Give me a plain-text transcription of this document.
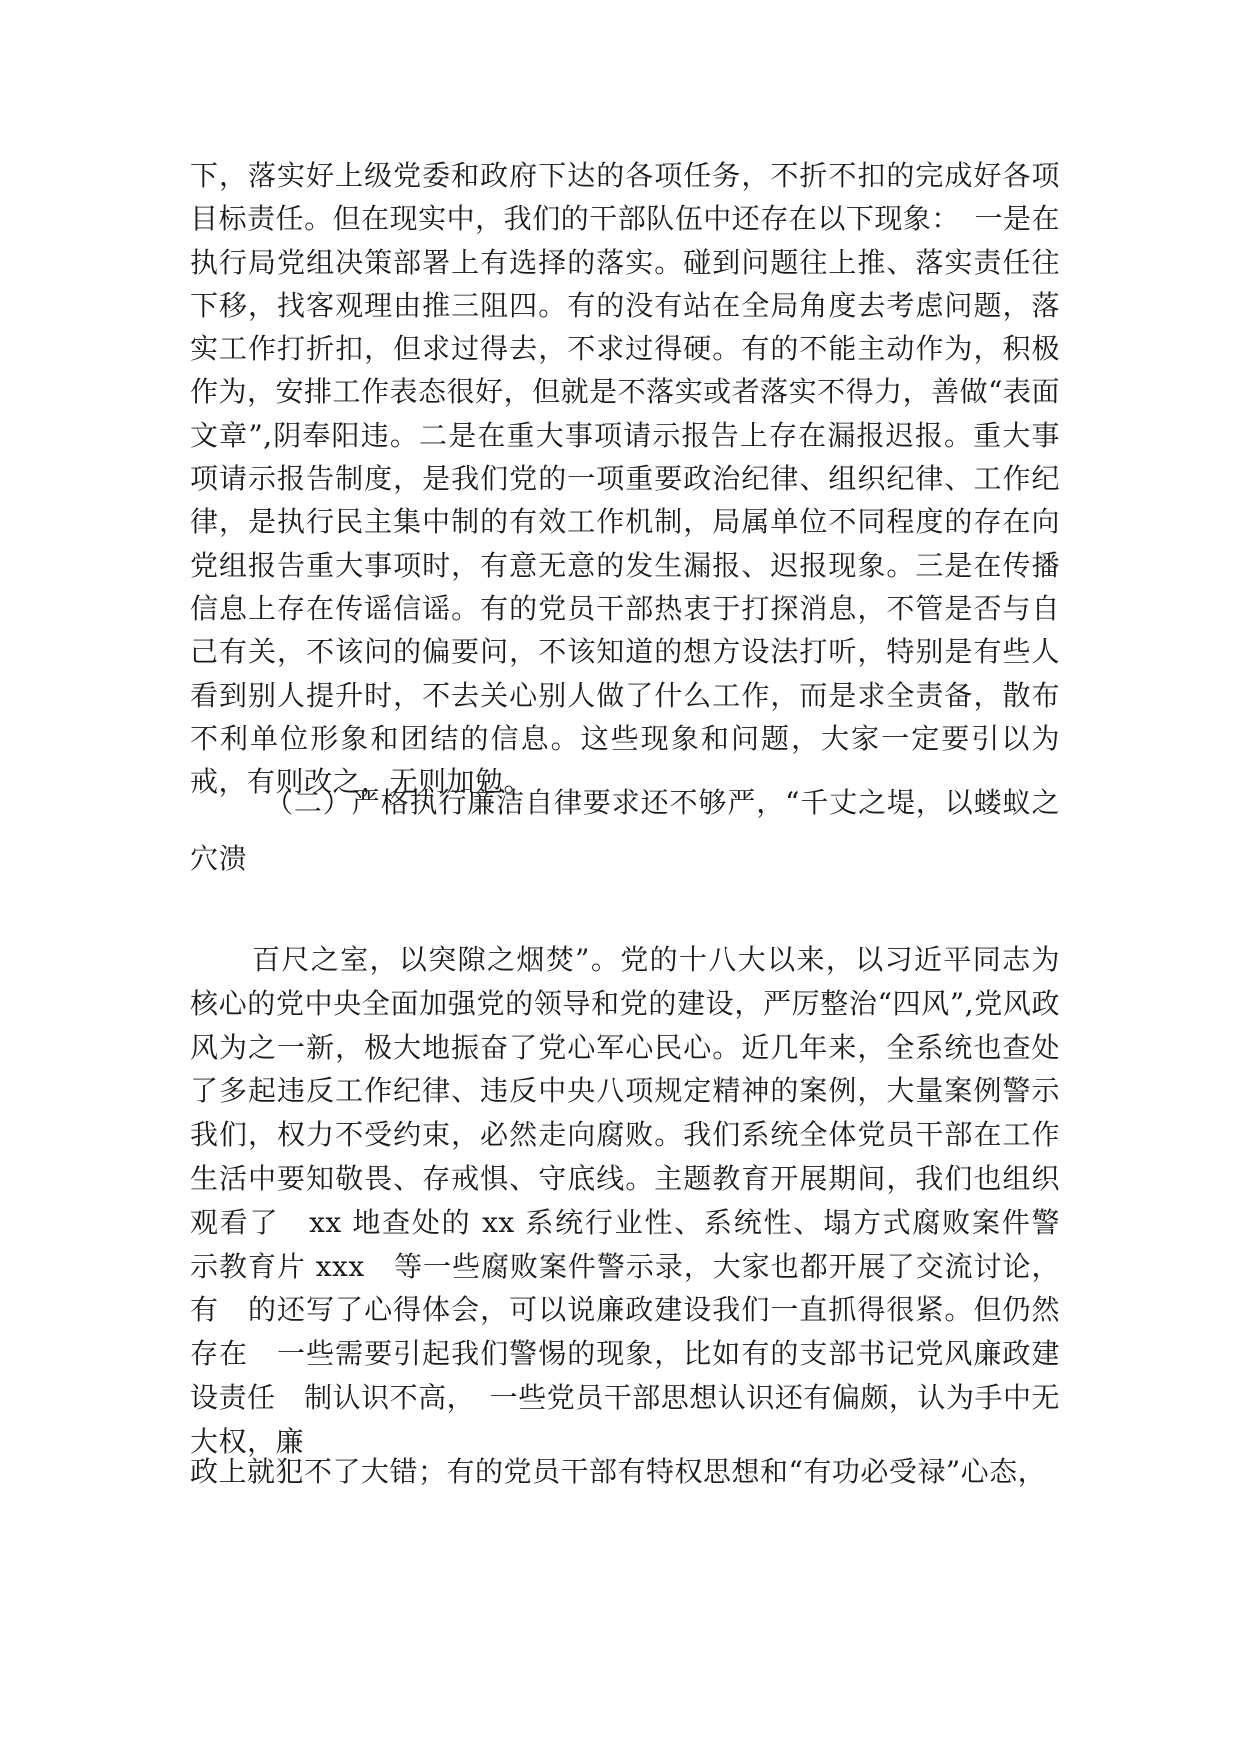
下，落实好上级党委和政府下达的各项任务，不折不扣的完成好各项目标责任。但在现实中，我们的干部队伍中还存在以下现象：　一是在执行局党组决策部署上有选择的落实。碰到问题往上推、落实责任往下移，找客观理由推三阻四。有的没有站在全局角度去考虑问题，落实工作打折扣，但求过得去，不求过得硬。有的不能主动作为，积极作为，安排工作表态很好，但就是不落实或者落实不得力，善做“表面文章”,阴奉阳违。二是在重大事项请示报告上存在漏报迟报。重大事项请示报告制度，是我们党的一项重要政治纪律、组织纪律、工作纪律，是执行民主集中制的有效工作机制，局属单位不同程度的存在向党组报告重大事项时，有意无意的发生漏报、迟报现象。三是在传播信息上存在传谣信谣。有的党员干部热衷于打探消息，不管是否与自己有关，不该问的偏要问，不该知道的想方设法打听，特别是有些人看到别人提升时，不去关心别人做了什么工作，而是求全责备，散布不利单位形象和团结的信息。这些现象和问题，大家一定要引以为戒，有则改之，无则加勉。
（二）严格执行廉洁自律要求还不够严，“千丈之堤，以蝼蚁之穴溃
百尺之室，以突隙之烟焚”。党的十八大以来，以习近平同志为核心的党中央全面加强党的领导和党的建设，严厉整治“四风”,党风政风为之一新，极大地振奋了党心军心民心。近几年来，全系统也查处了多起违反工作纪律、违反中央八项规定精神的案例，大量案例警示我们，权力不受约束，必然走向腐败。我们系统全体党员干部在工作生活中要知敬畏、存戒惧、守底线。主题教育开展期间，我们也组织观看了　xx 地查处的 xx 系统行业性、系统性、塌方式腐败案件警　示教育片 xxx　等一些腐败案件警示录，大家也都开展了交流讨论，有　的还写了心得体会，可以说廉政建设我们一直抓得很紧。但仍然存在　一些需要引起我们警惕的现象，比如有的支部书记党风廉政建设责任　制认识不高，　一些党员干部思想认识还有偏颇，认为手中无大权，廉
政上就犯不了大错；有的党员干部有特权思想和“有功必受禄”心态，
